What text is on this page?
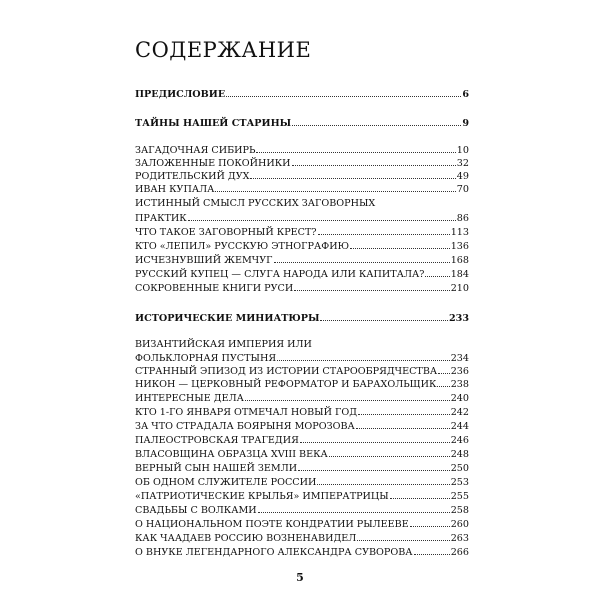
СОДЕРЖАНИЕ
ПРЕДИСЛОВИЕ	6
ТАЙНЫ НАШЕЙ СТАРИНЫ	9
ЗАГАДОЧНАЯ СИБИРЬ	10
ЗАЛОЖЕННЫЕ ПОКОЙНИКИ	32
РОДИТЕЛЬСКИЙ ДУХ	49
ИВАН КУПАЛА	70
ИСТИННЫЙ СМЫСЛ РУССКИХ ЗАГОВОРНЫХ
ПРАКТИК	86
ЧТО ТАКОЕ ЗАГОВОРНЫЙ КРЕСТ?	113
КТО «ЛЕПИЛ» РУССКУЮ ЭТНОГРАФИЮ	136
ИСЧЕЗНУВШИЙ ЖЕМЧУГ	168
РУССКИЙ КУПЕЦ — СЛУГА НАРОДА ИЛИ КАПИТАЛА?	184
СОКРОВЕННЫЕ КНИГИ РУСИ	210
ИСТОРИЧЕСКИЕ МИНИАТЮРЫ	233
ВИЗАНТИЙСКАЯ ИМПЕРИЯ ИЛИ
ФОЛЬКЛОРНАЯ ПУСТЫНЯ	234
СТРАННЫЙ ЭПИЗОД ИЗ ИСТОРИИ СТАРООБРЯДЧЕСТВА 236
НИКОН — ЦЕРКОВНЫЙ РЕФОРМАТОР И БАРАХОЛЬЩИК 238
ИНТЕРЕСНЫЕ ДЕЛА	240
КТО 1-ГО ЯНВАРЯ ОТМЕЧАЛ НОВЫЙ ГОД	242
ЗА ЧТО СТРАДАЛА БОЯРЫНЯ МОРОЗОВА	244
ПАЛЕОСТРОВСКАЯ ТРАГЕДИЯ	246
ВЛАСОВЩИНА ОБРАЗЦА XVIII ВЕКА	248
ВЕРНЫЙ СЫН НАШЕЙ ЗЕМЛИ	250
ОБ ОДНОМ СЛУЖИТЕЛЕ РОССИИ	253
«ПАТРИОТИЧЕСКИЕ КРЫЛЬЯ» ИМПЕРАТРИЦЫ	255
СВАДЬБЫ С ВОЛКАМИ	258
О НАЦИОНАЛЬНОМ ПОЭТЕ КОНДРАТИИ РЫЛЕЕВЕ	260
КАК ЧААДАЕВ РОССИЮ ВОЗНЕНАВИДЕЛ	263
О ВНУКЕ ЛЕГЕНДАРНОГО АЛЕКСАНДРА СУВОРОВА	266
5
